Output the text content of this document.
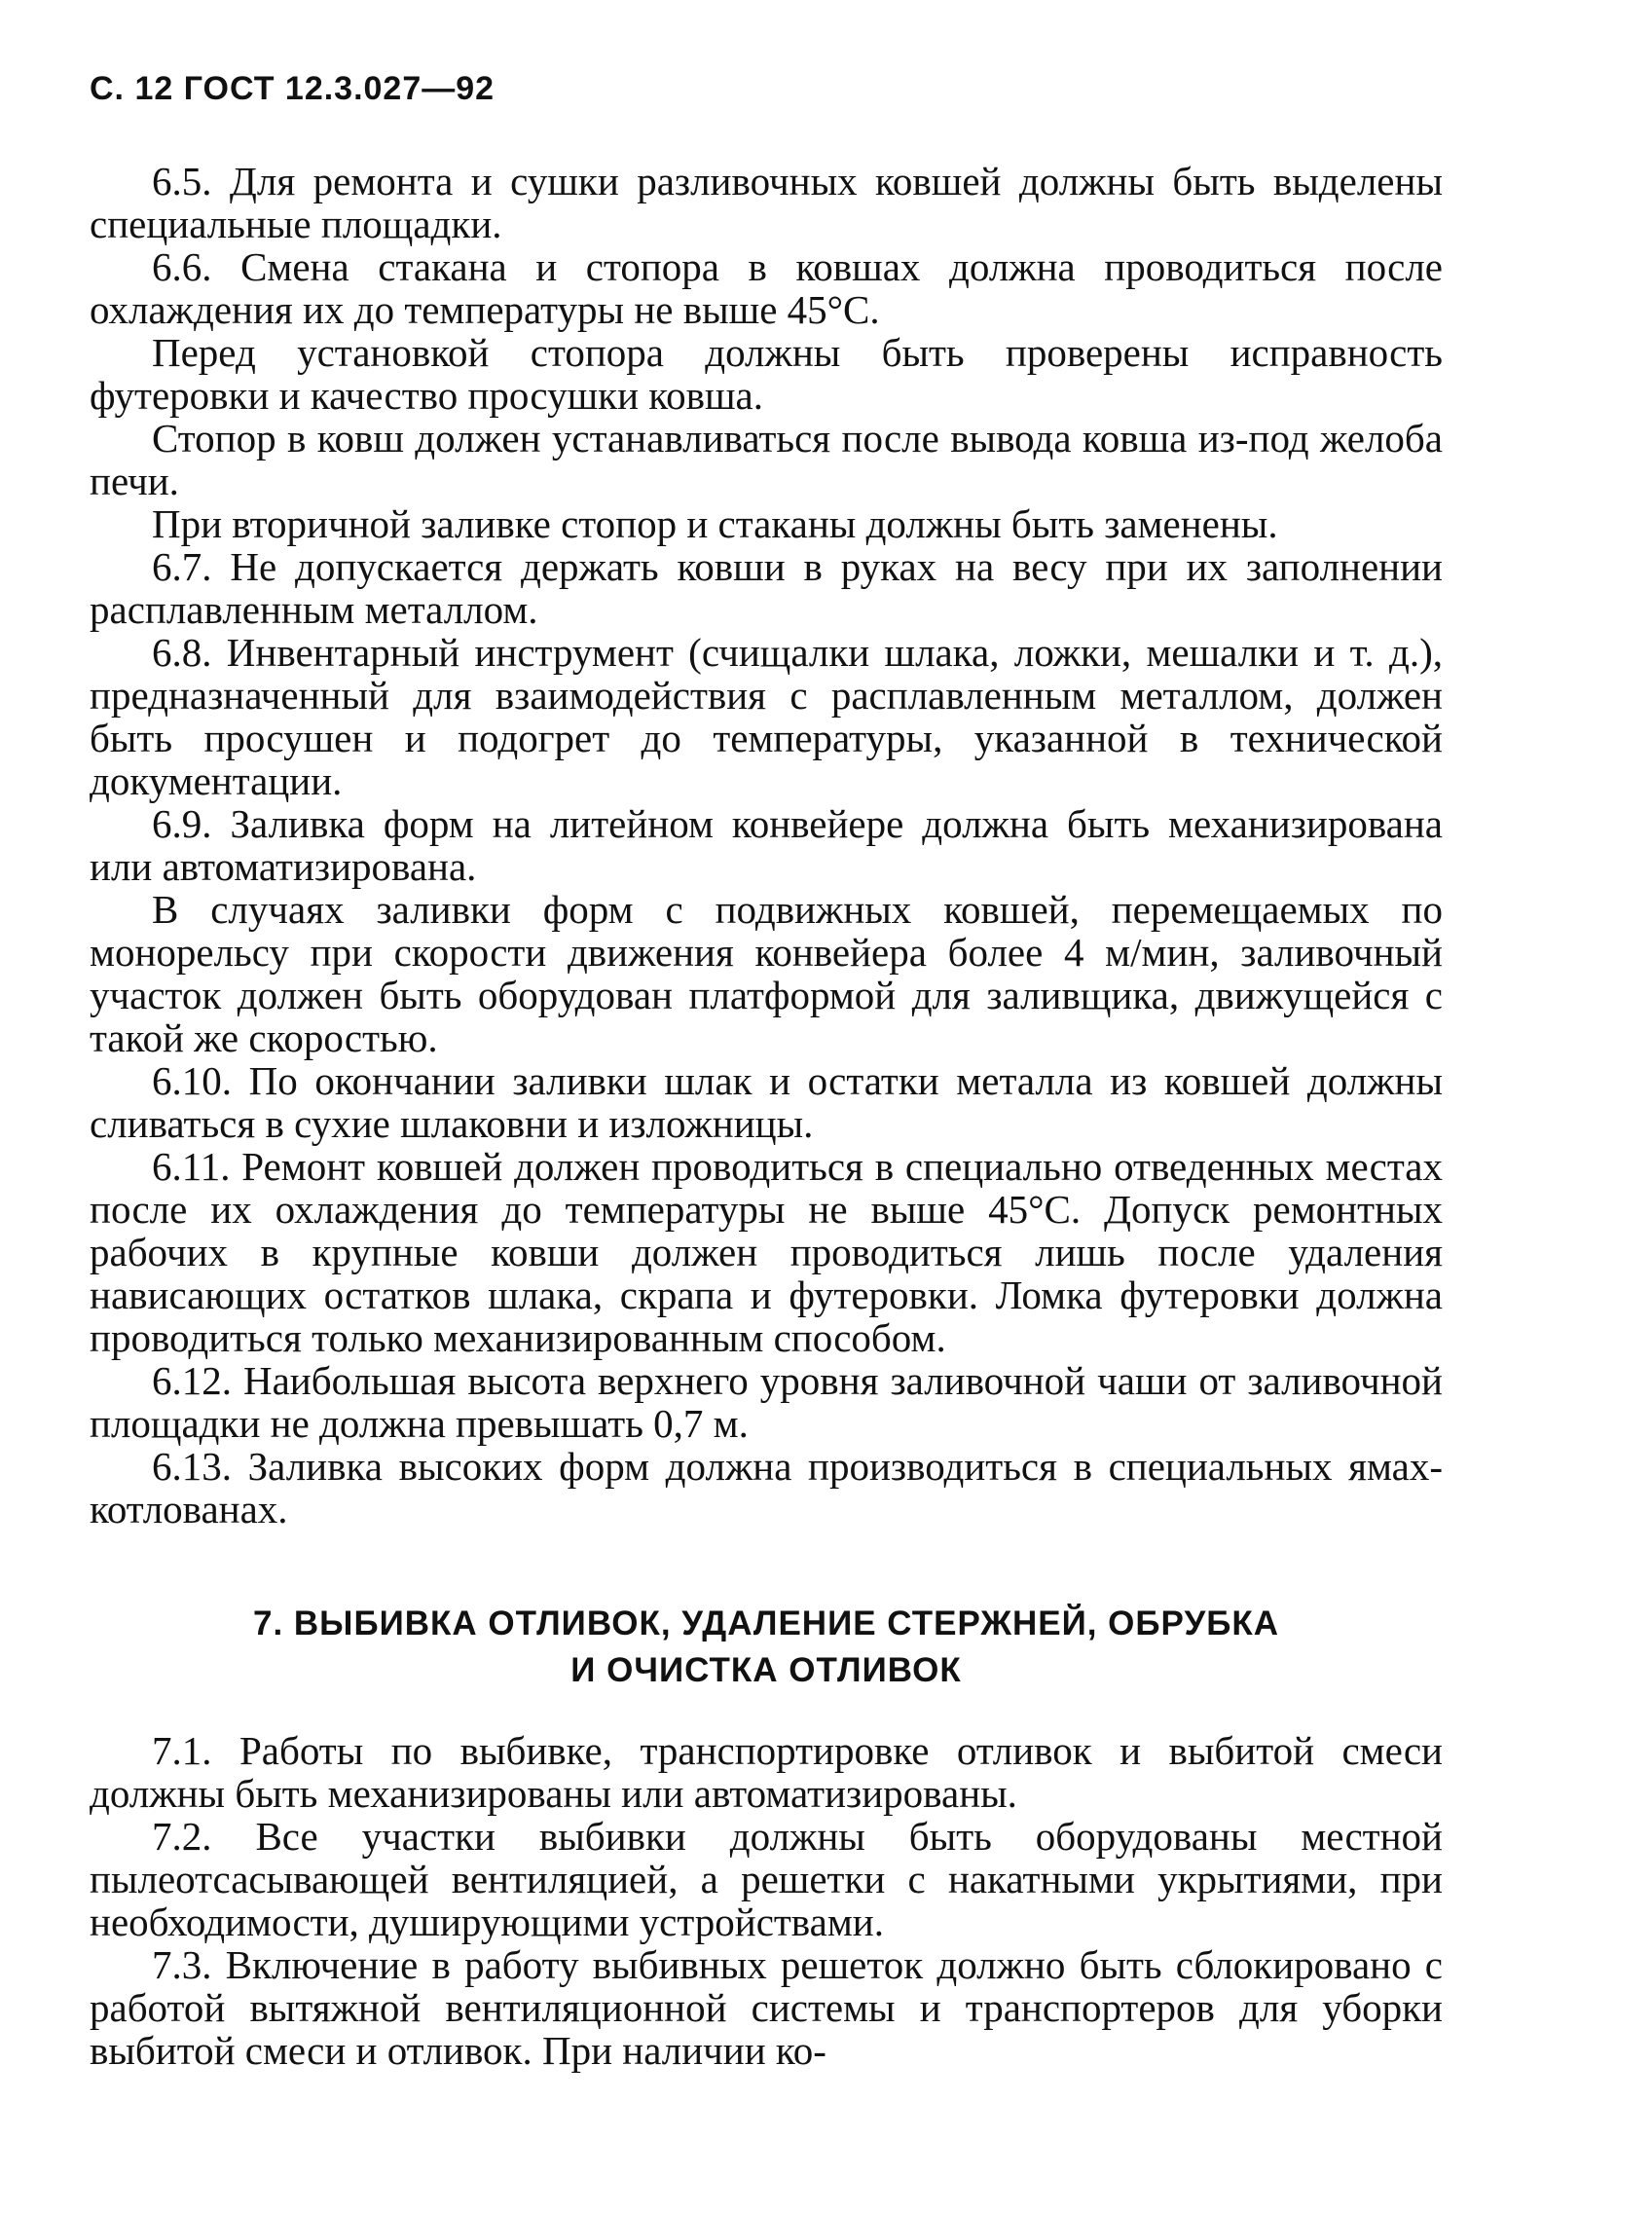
С. 12 ГОСТ 12.3.027—92

6.5. Для ремонта и сушки разливочных ковшей должны быть выделены специальные площадки.

6.6. Смена стакана и стопора в ковшах должна проводиться после охлаждения их до температуры не выше 45°С.

Перед установкой стопора должны быть проверены исправность футеровки и качество просушки ковша.

Стопор в ковш должен устанавливаться после вывода ковша из-под желоба печи.

При вторичной заливке стопор и стаканы должны быть заменены.

6.7. Не допускается держать ковши в руках на весу при их заполнении расплавленным металлом.

6.8. Инвентарный инструмент (счищалки шлака, ложки, мешалки и т. д.), предназначенный для взаимодействия с расплавленным металлом, должен быть просушен и подогрет до температуры, указанной в технической документации.

6.9. Заливка форм на литейном конвейере должна быть механизирована или автоматизирована.

В случаях заливки форм с подвижных ковшей, перемещаемых по монорельсу при скорости движения конвейера более 4 м/мин, заливочный участок должен быть оборудован платформой для заливщика, движущейся с такой же скоростью.

6.10. По окончании заливки шлак и остатки металла из ковшей должны сливаться в сухие шлаковни и изложницы.

6.11. Ремонт ковшей должен проводиться в специально отведенных местах после их охлаждения до температуры не выше 45°С. Допуск ремонтных рабочих в крупные ковши должен проводиться лишь после удаления нависающих остатков шлака, скрапа и футеровки. Ломка футеровки должна проводиться только механизированным способом.

6.12. Наибольшая высота верхнего уровня заливочной чаши от заливочной площадки не должна превышать 0,7 м.

6.13. Заливка высоких форм должна производиться в специальных ямах-котлованах.

7. ВЫБИВКА ОТЛИВОК, УДАЛЕНИЕ СТЕРЖНЕЙ, ОБРУБКА
И ОЧИСТКА ОТЛИВОК

7.1. Работы по выбивке, транспортировке отливок и выбитой смеси должны быть механизированы или автоматизированы.

7.2. Все участки выбивки должны быть оборудованы местной пылеотсасывающей вентиляцией, а решетки с накатными укрытиями, при необходимости, душирующими устройствами.

7.3. Включение в работу выбивных решеток должно быть сблокировано с работой вытяжной вентиляционной системы и транспортеров для уборки выбитой смеси и отливок. При наличии ко-
